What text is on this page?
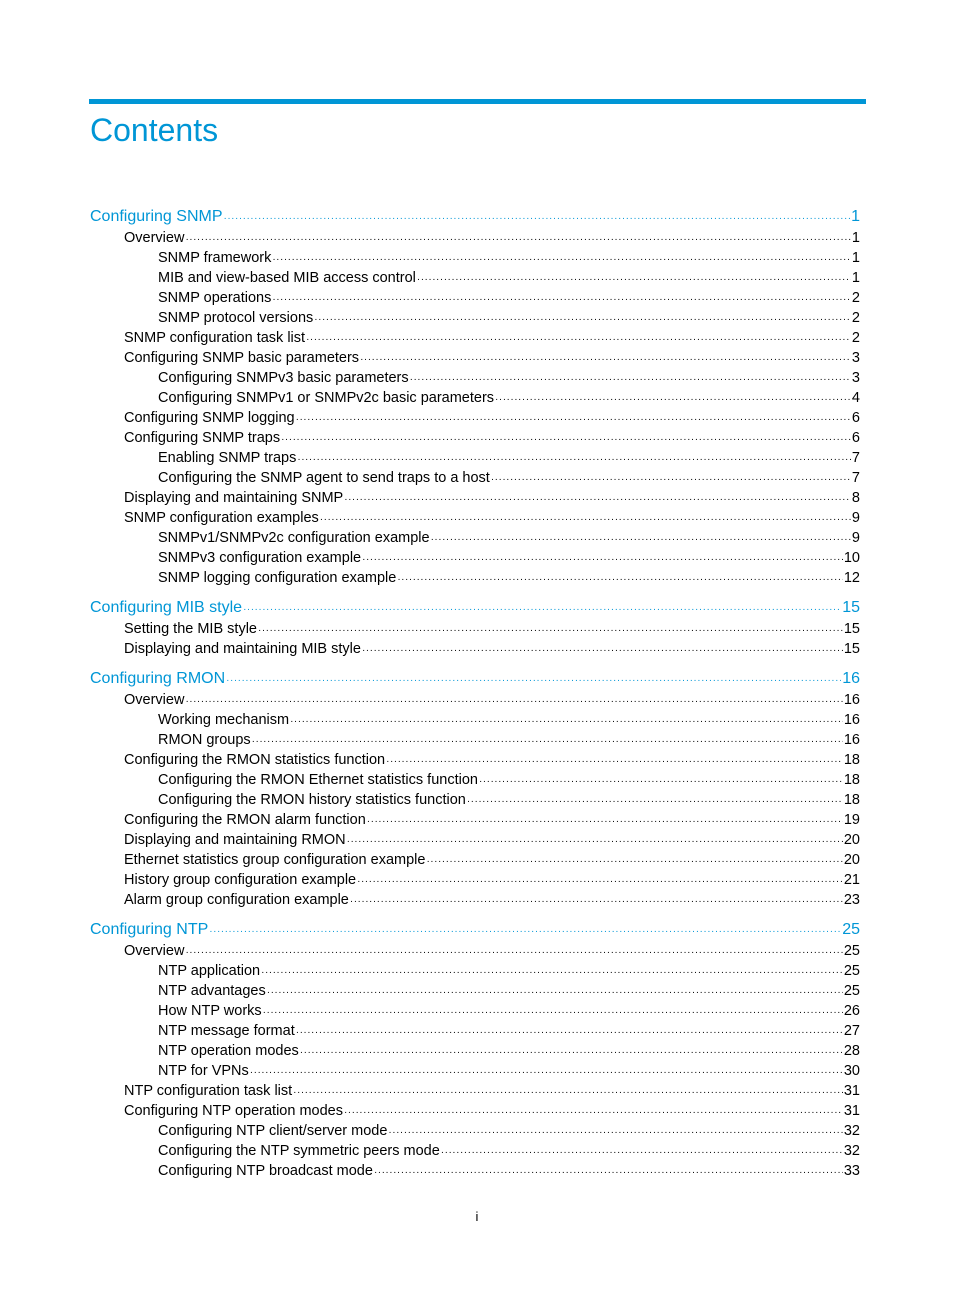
Contents
Configuring SNMP ·····	1
Overview ·····	1
SNMP framework ·····	1
MIB and view-based MIB access control ·····	1
SNMP operations ·····	2
SNMP protocol versions ·····	2
SNMP configuration task list ·····	2
Configuring SNMP basic parameters ·····	3
Configuring SNMPv3 basic parameters ·····	3
Configuring SNMPv1 or SNMPv2c basic parameters ·····	4
Configuring SNMP logging ·····	6
Configuring SNMP traps ·····	6
Enabling SNMP traps ·····	7
Configuring the SNMP agent to send traps to a host ·····	7
Displaying and maintaining SNMP ·····	8
SNMP configuration examples ·····	9
SNMPv1/SNMPv2c configuration example ·····	9
SNMPv3 configuration example ·····	10
SNMP logging configuration example ·····	12
Configuring MIB style ·····	15
Setting the MIB style ·····	15
Displaying and maintaining MIB style ·····	15
Configuring RMON ·····	16
Overview ·····	16
Working mechanism ·····	16
RMON groups ·····	16
Configuring the RMON statistics function ·····	18
Configuring the RMON Ethernet statistics function ·····	18
Configuring the RMON history statistics function ·····	18
Configuring the RMON alarm function ·····	19
Displaying and maintaining RMON ·····	20
Ethernet statistics group configuration example ·····	20
History group configuration example ·····	21
Alarm group configuration example ·····	23
Configuring NTP ·····	25
Overview ·····	25
NTP application ·····	25
NTP advantages ·····	25
How NTP works ·····	26
NTP message format ·····	27
NTP operation modes ·····	28
NTP for VPNs ·····	30
NTP configuration task list ·····	31
Configuring NTP operation modes ·····	31
Configuring NTP client/server mode ·····	32
Configuring the NTP symmetric peers mode ·····	32
Configuring NTP broadcast mode ·····	33
i
